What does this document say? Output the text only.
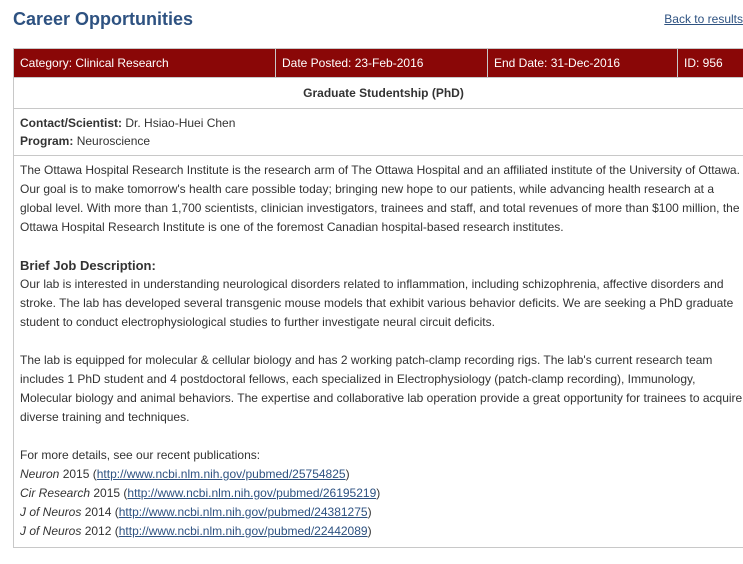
Career Opportunities	Back to results
Category: Clinical Research	Date Posted: 23-Feb-2016	End Date: 31-Dec-2016	ID: 956
Graduate Studentship (PhD)

Contact/Scientist: Dr. Hsiao-Huei Chen
Program: Neuroscience

The Ottawa Hospital Research Institute is the research arm of The Ottawa Hospital and an affiliated institute of the University of Ottawa. Our goal is to make tomorrow's health care possible today; bringing new hope to our patients, while advancing health research at a global level. With more than 1,700 scientists, clinician investigators, trainees and staff, and total revenues of more than $100 million, the Ottawa Hospital Research Institute is one of the foremost Canadian hospital-based research institutes.

Brief Job Description:

Our lab is interested in understanding neurological disorders related to inflammation, including schizophrenia, affective disorders and stroke. The lab has developed several transgenic mouse models that exhibit various behavior deficits. We are seeking a PhD graduate student to conduct electrophysiological studies to further investigate neural circuit deficits.

The lab is equipped for molecular & cellular biology and has 2 working patch-clamp recording rigs. The lab's current research team includes 1 PhD student and 4 postdoctoral fellows, each specialized in Electrophysiology (patch-clamp recording), Immunology, Molecular biology and animal behaviors. The expertise and collaborative lab operation provide a great opportunity for trainees to acquire diverse training and techniques.

For more details, see our recent publications:
Neuron 2015 (http://www.ncbi.nlm.nih.gov/pubmed/25754825)
Cir Research 2015 (http://www.ncbi.nlm.nih.gov/pubmed/26195219)
J of Neuros 2014 (http://www.ncbi.nlm.nih.gov/pubmed/24381275)
J of Neuros 2012 (http://www.ncbi.nlm.nih.gov/pubmed/22442089)
